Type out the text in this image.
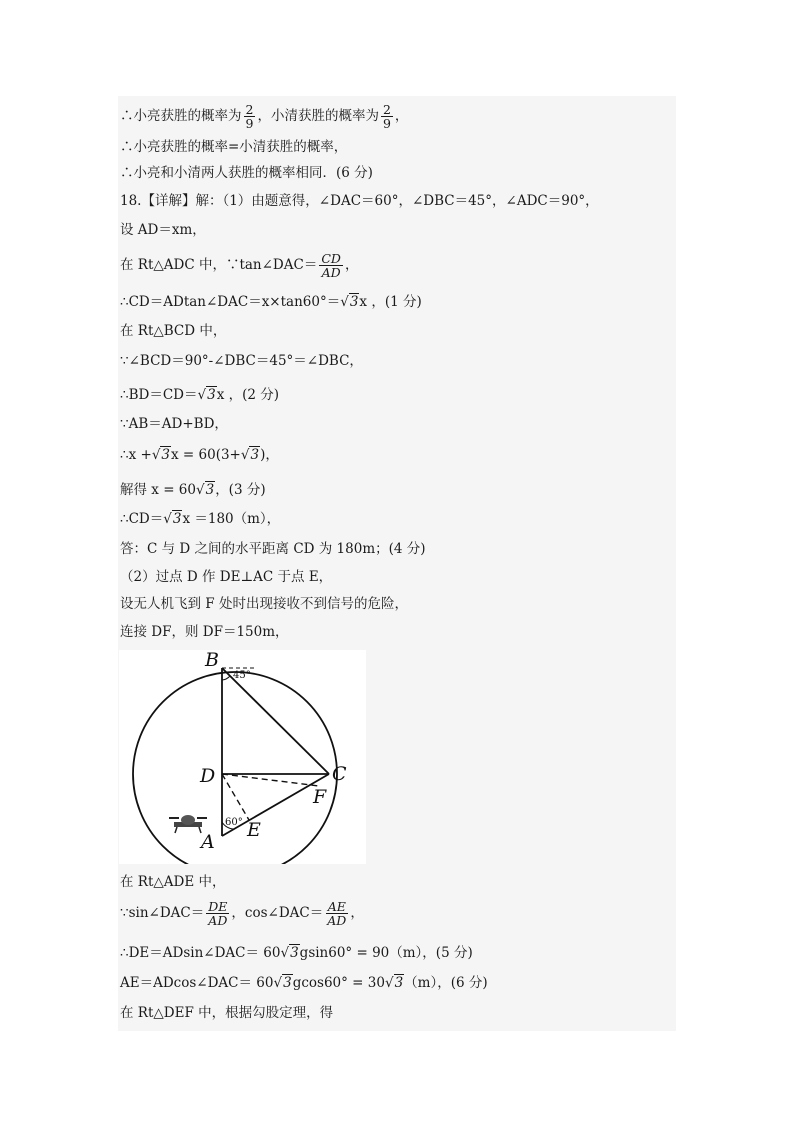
∴小亮获胜的概率为 $\frac{2}{9}$ ，小清获胜的概率为 $\frac{2}{9}$ ，
∴小亮获胜的概率=小清获胜的概率，
∴小亮和小清两人获胜的概率相同．(6 分)
18.【详解】解：（1）由题意得，∠DAC＝60°，∠DBC＝45°，∠ADC＝90°，
设 AD＝xm，
在 Rt△ADC 中，∵tan∠DAC＝ $\frac{CD}{AD}$ ，
∴CD＝ADtan∠DAC＝x×tan60°＝√3x ，(1 分)
在 Rt△BCD 中，
∵∠BCD＝90°-∠DBC＝45°＝∠DBC，
∴BD＝CD＝√3x ，(2 分)
∵AB＝AD+BD，
∴x +√3x = 60(3+√3)，
解得 x = 60√3，(3 分)
∴CD＝√3x ＝180（m），
答：C 与 D 之间的水平距离 CD 为 180m；(4 分)
（2）过点 D 作 DE⊥AC 于点 E，
设无人机飞到 F 处时出现接收不到信号的危险，
连接 DF，则 DF＝150m，
B
45°
C
D
F
60° E
A
在 Rt△ADE 中，
∵sin∠DAC＝ $\frac{DE}{AD}$ ，cos∠DAC＝ $\frac{AE}{AD}$ ，
∴DE＝ADsin∠DAC＝ 60√3gsin60° = 90（m），(5 分)
AE＝ADcos∠DAC＝ 60√3gcos60° = 30√3（m），(6 分)
在 Rt△DEF 中，根据勾股定理，得
